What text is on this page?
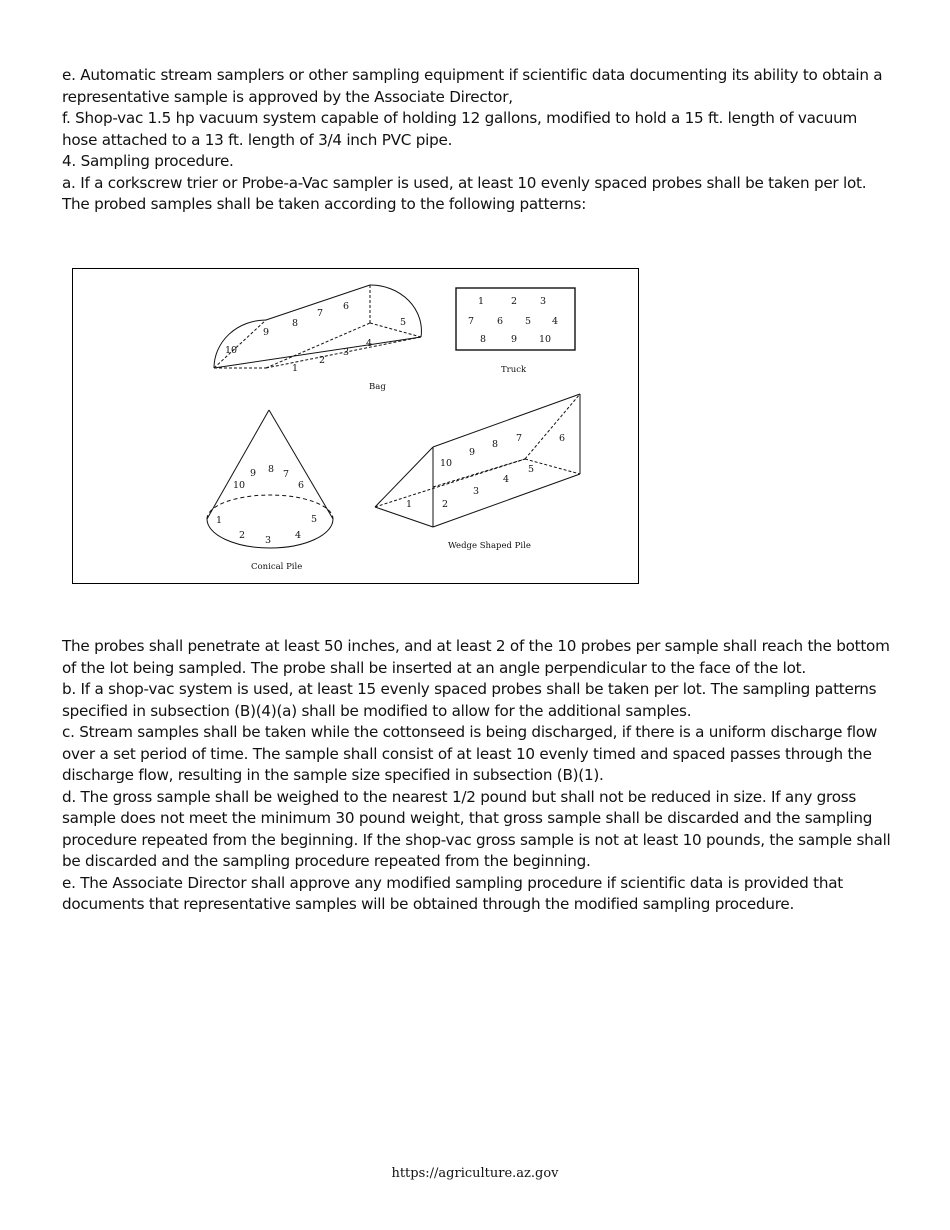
e. Automatic stream samplers or other sampling equipment if scientific data documenting its ability to obtain a representative sample is approved by the Associate Director,

f. Shop-vac 1.5 hp vacuum system capable of holding 12 gallons, modified to hold a 15 ft. length of vacuum hose attached to a 13 ft. length of 3/4 inch PVC pipe.

4. Sampling procedure.

a. If a corkscrew trier or Probe-a-Vac sampler is used, at least 10 evenly spaced probes shall be taken per lot. The probed samples shall be taken according to the following patterns:

1
2
3
4
5
6
7
8
9
10
Bag
1	2 3
7 6 5 4
8	9 10
Truck
1
2 3	4
5
6
7
8
9
10
Conical Pile
1	2
3
4
5
6
7
8
9
10
Wedge Shaped Pile

The probes shall penetrate at least 50 inches, and at least 2 of the 10 probes per sample shall reach the bottom of the lot being sampled. The probe shall be inserted at an angle perpendicular to the face of the lot.

b. If a shop-vac system is used, at least 15 evenly spaced probes shall be taken per lot. The sampling patterns specified in subsection (B)(4)(a) shall be modified to allow for the additional samples.

c. Stream samples shall be taken while the cottonseed is being discharged, if there is a uniform discharge flow over a set period of time. The sample shall consist of at least 10 evenly timed and spaced passes through the discharge flow, resulting in the sample size specified in subsection (B)(1).

d. The gross sample shall be weighed to the nearest 1/2 pound but shall not be reduced in size. If any gross sample does not meet the minimum 30 pound weight, that gross sample shall be discarded and the sampling procedure repeated from the beginning. If the shop-vac gross sample is not at least 10 pounds, the sample shall be discarded and the sampling procedure repeated from the beginning.

e. The Associate Director shall approve any modified sampling procedure if scientific data is provided that documents that representative samples will be obtained through the modified sampling procedure.

https://agriculture.az.gov
